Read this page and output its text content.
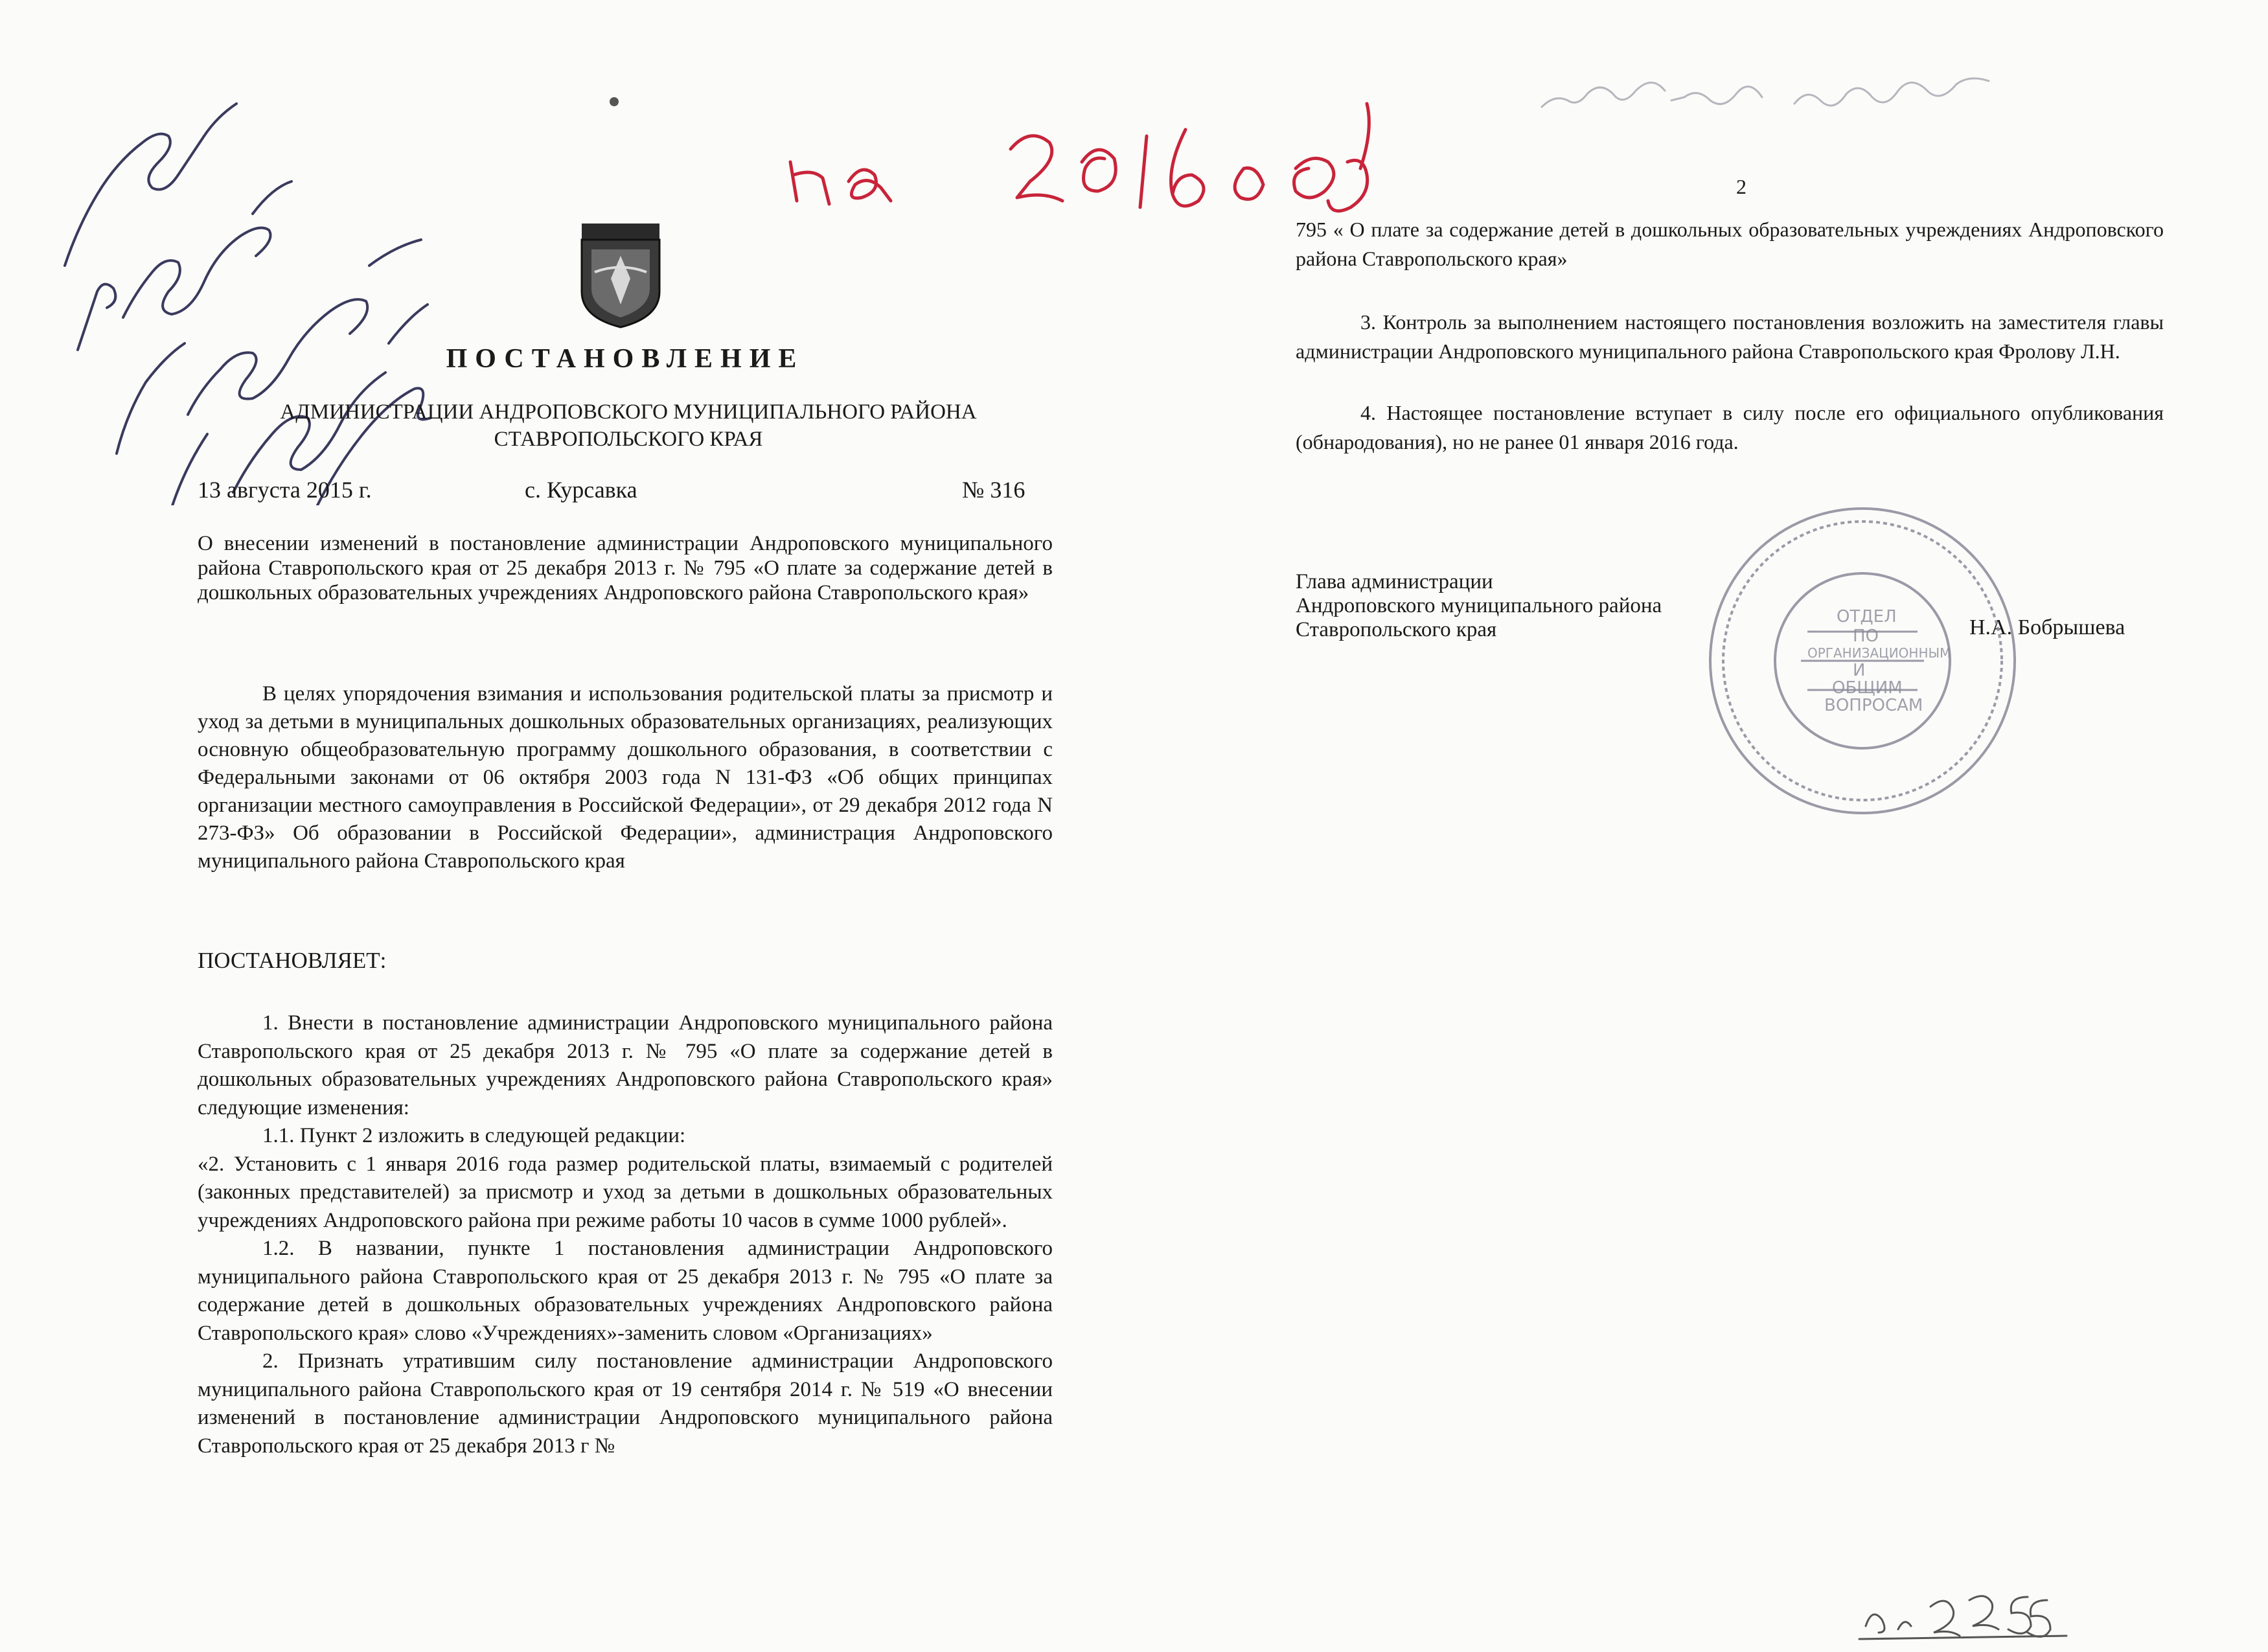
ПОСТАНОВЛЕНИЕ
АДМИНИСТРАЦИИ АНДРОПОВСКОГО МУНИЦИПАЛЬНОГО РАЙОНА
СТАВРОПОЛЬСКОГО КРАЯ
13 августа 2015 г.	с. Курсавка	№ 316
О внесении изменений в постановление администрации Андроповского муниципального района Ставропольского края от 25 декабря 2013 г. № 795 «О плате за содержание детей в дошкольных образовательных учреждениях Андроповского района Ставропольского края»
В целях упорядочения взимания и использования родительской платы за присмотр и уход за детьми в муниципальных дошкольных образовательных организациях, реализующих основную общеобразовательную программу дошкольного образования, в соответствии с Федеральными законами от 06 октября 2003 года N 131-ФЗ «Об общих принципах организации местного самоуправления в Российской Федерации», от 29 декабря 2012 года N 273-ФЗ» Об образовании в Российской Федерации», администрация Андроповского муниципального района Ставропольского края
ПОСТАНОВЛЯЕТ:

1. Внести в постановление администрации Андроповского муниципального района Ставропольского края от 25 декабря 2013 г. № 795 «О плате за содержание детей в дошкольных образовательных учреждениях Андроповского района Ставропольского края» следующие изменения:

1.1. Пункт 2 изложить в следующей редакции:

«2. Установить с 1 января 2016 года размер родительской платы, взимаемый с родителей (законных представителей) за присмотр и уход за детьми в дошкольных образовательных учреждениях Андроповского района при режиме работы 10 часов в сумме 1000 рублей».

1.2. В названии, пункте 1 постановления администрации Андроповского муниципального района Ставропольского края от 25 декабря 2013 г. № 795 «О плате за содержание детей в дошкольных образовательных учреждениях Андроповского района Ставропольского края» слово «Учреждениях»-заменить словом «Организациях»

2. Признать утратившим силу постановление администрации Андроповского муниципального района Ставропольского края от 19 сентября 2014 г. № 519 «О внесении изменений в постановление администрации Андроповского муниципального района Ставропольского края от 25 декабря 2013 г №

2
795 « О плате за содержание детей в дошкольных образовательных учреждениях Андроповского района Ставропольского края»
3. Контроль за выполнением настоящего постановления возложить на заместителя главы администрации Андроповского муниципального района Ставропольского края Фролову Л.Н.
4. Настоящее постановление вступает в силу после его официального опубликования (обнародования), но не ранее 01 января 2016 года.
Глава администрации
Андроповского муниципального района
Ставропольского края	Н.А. Бобрышева
ОТДЕЛ
ПО
ОРГАНИЗАЦИОННЫМ
И
ОБЩИМ
ВОПРОСАМ
